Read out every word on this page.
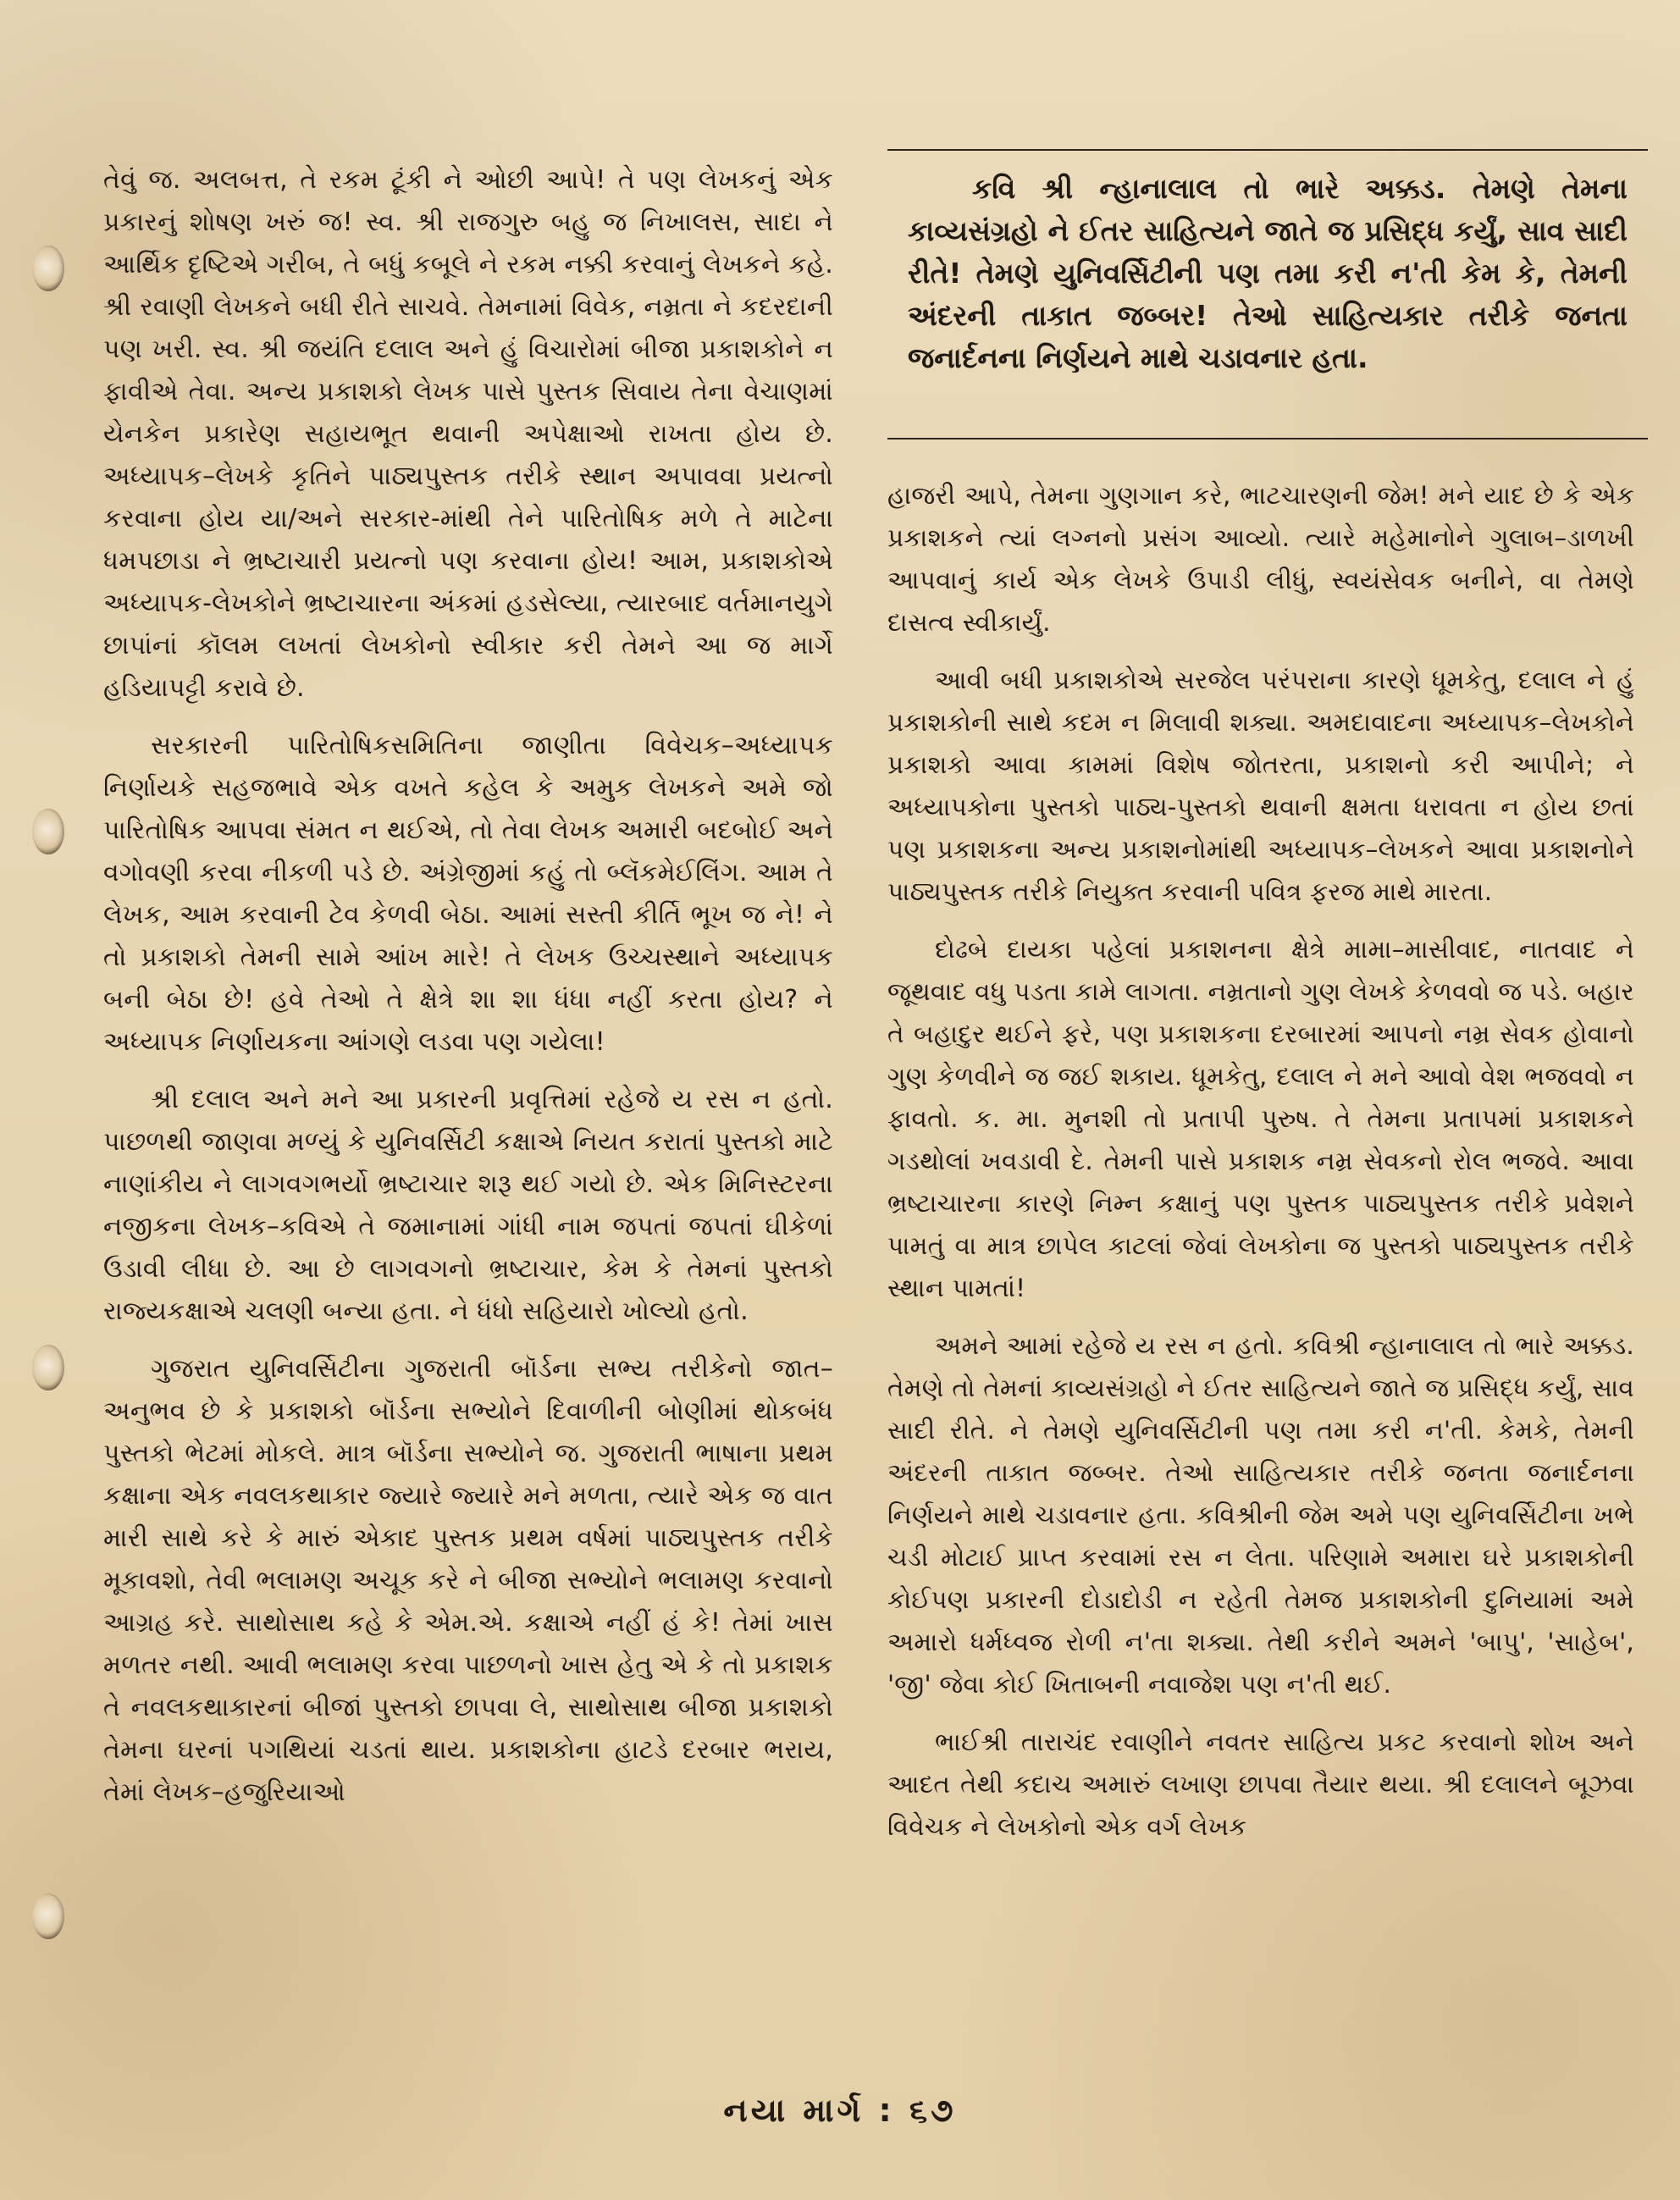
તેવું જ. અલબત્ત, તે રકમ ટૂંકી ને ઓછી આપે! તે પણ લેખકનું એક પ્રકારનું શોષણ ખરું જ! સ્વ. શ્રી રાજગુરુ બહુ જ નિખાલસ, સાદા ને આર્થિક દૃષ્ટિએ ગરીબ, તે બધું કબૂલે ને રકમ નક્કી કરવાનું લેખકને કહે. શ્રી રવાણી લેખકને બધી રીતે સાચવે. તેમનામાં વિવેક, નમ્રતા ને કદરદાની પણ ખરી. સ્વ. શ્રી જયંતિ દલાલ અને હું વિચારોમાં બીજા પ્રકાશકોને ન ફાવીએ તેવા. અન્ય પ્રકાશકો લેખક પાસે પુસ્તક સિવાય તેના વેચાણમાં યેનકેન પ્રકારેણ સહાયભૂત થવાની અપેક્ષાઓ રાખતા હોય છે. અધ્યાપક–લેખકે કૃતિને પાઠ્યપુસ્તક તરીકે સ્થાન અપાવવા પ્રયત્નો કરવાના હોય યા/અને સરકાર-માંથી તેને પારિતોષિક મળે તે માટેના ધમપછાડા ને ભ્રષ્ટાચારી પ્રયત્નો પણ કરવાના હોય! આમ, પ્રકાશકોએ અધ્યાપક-લેખકોને ભ્રષ્ટાચારના અંકમાં હડસેલ્યા, ત્યારબાદ વર્તમાનયુગે છાપાંનાં કૉલમ લખતાં લેખકોનો સ્વીકાર કરી તેમને આ જ માર્ગે હડિયાપટ્ટી કરાવે છે.

સરકારની પારિતોષિકસમિતિના જાણીતા વિવેચક–અધ્યાપક નિર્ણાયકે સહજભાવે એક વખતે કહેલ કે અમુક લેખકને અમે જો પારિતોષિક આપવા સંમત ન થઈએ, તો તેવા લેખક અમારી બદબોઈ અને વગોવણી કરવા નીકળી પડે છે. અંગ્રેજીમાં કહું તો બ્લૅકમેઈલિંગ. આમ તે લેખક, આમ કરવાની ટેવ કેળવી બેઠા. આમાં સસ્તી કીર્તિ ભૂખ જ ને! ને તો પ્રકાશકો તેમની સામે આંખ મારે! તે લેખક ઉચ્ચસ્થાને અધ્યાપક બની બેઠા છે! હવે તેઓ તે ક્ષેત્રે શા શા ધંધા નહીં કરતા હોય? ને અધ્યાપક નિર્ણાયકના આંગણે લડવા પણ ગયેલા!

શ્રી દલાલ અને મને આ પ્રકારની પ્રવૃત્તિમાં રહેજે ય રસ ન હતો. પાછળથી જાણવા મળ્યું કે યુનિવર્સિટી કક્ષાએ નિયત કરાતાં પુસ્તકો માટે નાણાંકીય ને લાગવગભર્યો ભ્રષ્ટાચાર શરૂ થઈ ગયો છે. એક મિનિસ્ટરના નજીકના લેખક–કવિએ તે જમાનામાં ગાંધી નામ જપતાં જપતાં ઘીકેળાં ઉડાવી લીધા છે. આ છે લાગવગનો ભ્રષ્ટાચાર, કેમ કે તેમનાં પુસ્તકો રાજ્યકક્ષાએ ચલણી બન્યા હતા. ને ધંધો સહિયારો ખોલ્યો હતો.

ગુજરાત યુનિવર્સિટીના ગુજરાતી બૉર્ડના સભ્ય તરીકેનો જાત–અનુભવ છે કે પ્રકાશકો બૉર્ડના સભ્યોને દિવાળીની બોણીમાં થોકબંધ પુસ્તકો ભેટમાં મોકલે. માત્ર બૉર્ડના સભ્યોને જ. ગુજરાતી ભાષાના પ્રથમ કક્ષાના એક નવલકથાકાર જ્યારે જ્યારે મને મળતા, ત્યારે એક જ વાત મારી સાથે કરે કે મારું એકાદ પુસ્તક પ્રથમ વર્ષમાં પાઠ્યપુસ્તક તરીકે મૂકાવશો, તેવી ભલામણ અચૂક કરે ને બીજા સભ્યોને ભલામણ કરવાનો આગ્રહ કરે. સાથોસાથ કહે કે એમ.એ. કક્ષાએ નહીં હં કે! તેમાં ખાસ મળતર નથી. આવી ભલામણ કરવા પાછળનો ખાસ હેતુ એ કે તો પ્રકાશક તે નવલકથાકારનાં બીજાં પુસ્તકો છાપવા લે, સાથોસાથ બીજા પ્રકાશકો તેમના ઘરનાં પગથિયાં ચડતાં થાય. પ્રકાશકોના હાટડે દરબાર ભરાય, તેમાં લેખક–હજુરિયાઓ

કવિ શ્રી ન્હાનાલાલ તો ભારે અક્કડ. તેમણે તેમના કાવ્યસંગ્રહો ને ઈતર સાહિત્યને જાતે જ પ્રસિદ્ધ કર્યું, સાવ સાદી રીતે! તેમણે યુનિવર્સિટીની પણ તમા કરી ન'તી કેમ કે, તેમની અંદરની તાકાત જબ્બર! તેઓ સાહિત્યકાર તરીકે જનતા જનાર્દનના નિર્ણયને માથે ચડાવનાર હતા.

હાજરી આપે, તેમના ગુણગાન કરે, ભાટચારણની જેમ! મને યાદ છે કે એક પ્રકાશકને ત્યાં લગ્નનો પ્રસંગ આવ્યો. ત્યારે મહેમાનોને ગુલાબ–ડાળખી આપવાનું કાર્ય એક લેખકે ઉપાડી લીધું, સ્વયંસેવક બનીને, વા તેમણે દાસત્વ સ્વીકાર્યું.

આવી બધી પ્રકાશકોએ સરજેલ પરંપરાના કારણે ધૂમકેતુ, દલાલ ને હું પ્રકાશકોની સાથે કદમ ન મિલાવી શક્યા. અમદાવાદના અધ્યાપક–લેખકોને પ્રકાશકો આવા કામમાં વિશેષ જોતરતા, પ્રકાશનો કરી આપીને; ને અધ્યાપકોના પુસ્તકો પાઠ્ય-પુસ્તકો થવાની ક્ષમતા ધરાવતા ન હોય છતાં પણ પ્રકાશકના અન્ય પ્રકાશનોમાંથી અધ્યાપક–લેખકને આવા પ્રકાશનોને પાઠ્યપુસ્તક તરીકે નિયુક્ત કરવાની પવિત્ર ફરજ માથે મારતા.

દોઢબે દાયકા પહેલાં પ્રકાશનના ક્ષેત્રે મામા–માસીવાદ, નાતવાદ ને જૂથવાદ વધુ પડતા કામે લાગતા. નમ્રતાનો ગુણ લેખકે કેળવવો જ પડે. બહાર તે બહાદુર થઈને ફરે, પણ પ્રકાશકના દરબારમાં આપનો નમ્ર સેવક હોવાનો ગુણ કેળવીને જ જઈ શકાય. ધૂમકેતુ, દલાલ ને મને આવો વેશ ભજવવો ન ફાવતો. ક. મા. મુનશી તો પ્રતાપી પુરુષ. તે તેમના પ્રતાપમાં પ્રકાશકને ગડથોલાં ખવડાવી દે. તેમની પાસે પ્રકાશક નમ્ર સેવકનો રોલ ભજવે. આવા ભ્રષ્ટાચારના કારણે નિમ્ન કક્ષાનું પણ પુસ્તક પાઠ્યપુસ્તક તરીકે પ્રવેશને પામતું વા માત્ર છાપેલ કાટલાં જેવાં લેખકોના જ પુસ્તકો પાઠ્યપુસ્તક તરીકે સ્થાન પામતાં!

અમને આમાં રહેજે ય રસ ન હતો. કવિશ્રી ન્હાનાલાલ તો ભારે અક્કડ. તેમણે તો તેમનાં કાવ્યસંગ્રહો ને ઈતર સાહિત્યને જાતે જ પ્રસિદ્ધ કર્યું, સાવ સાદી રીતે. ને તેમણે યુનિવર્સિટીની પણ તમા કરી ન'તી. કેમકે, તેમની અંદરની તાકાત જબ્બર. તેઓ સાહિત્યકાર તરીકે જનતા જનાર્દનના નિર્ણયને માથે ચડાવનાર હતા. કવિશ્રીની જેમ અમે પણ યુનિવર્સિટીના ખભે ચડી મોટાઈ પ્રાપ્ત કરવામાં રસ ન લેતા. પરિણામે અમારા ઘરે પ્રકાશકોની કોઈપણ પ્રકારની દોડાદોડી ન રહેતી તેમજ પ્રકાશકોની દુનિયામાં અમે અમારો ધર્મધ્વજ રોળી ન'તા શક્યા. તેથી કરીને અમને 'બાપુ', 'સાહેબ', 'જી' જેવા કોઈ ખિતાબની નવાજેશ પણ ન'તી થઈ.

ભાઈશ્રી તારાચંદ રવાણીને નવતર સાહિત્ય પ્રકટ કરવાનો શોખ અને આદત તેથી કદાચ અમારું લખાણ છાપવા તૈયાર થયા. શ્રી દલાલને બૂઝવા વિવેચક ને લેખકોનો એક વર્ગ લેખક

નયા માર્ગ : ૬૭
